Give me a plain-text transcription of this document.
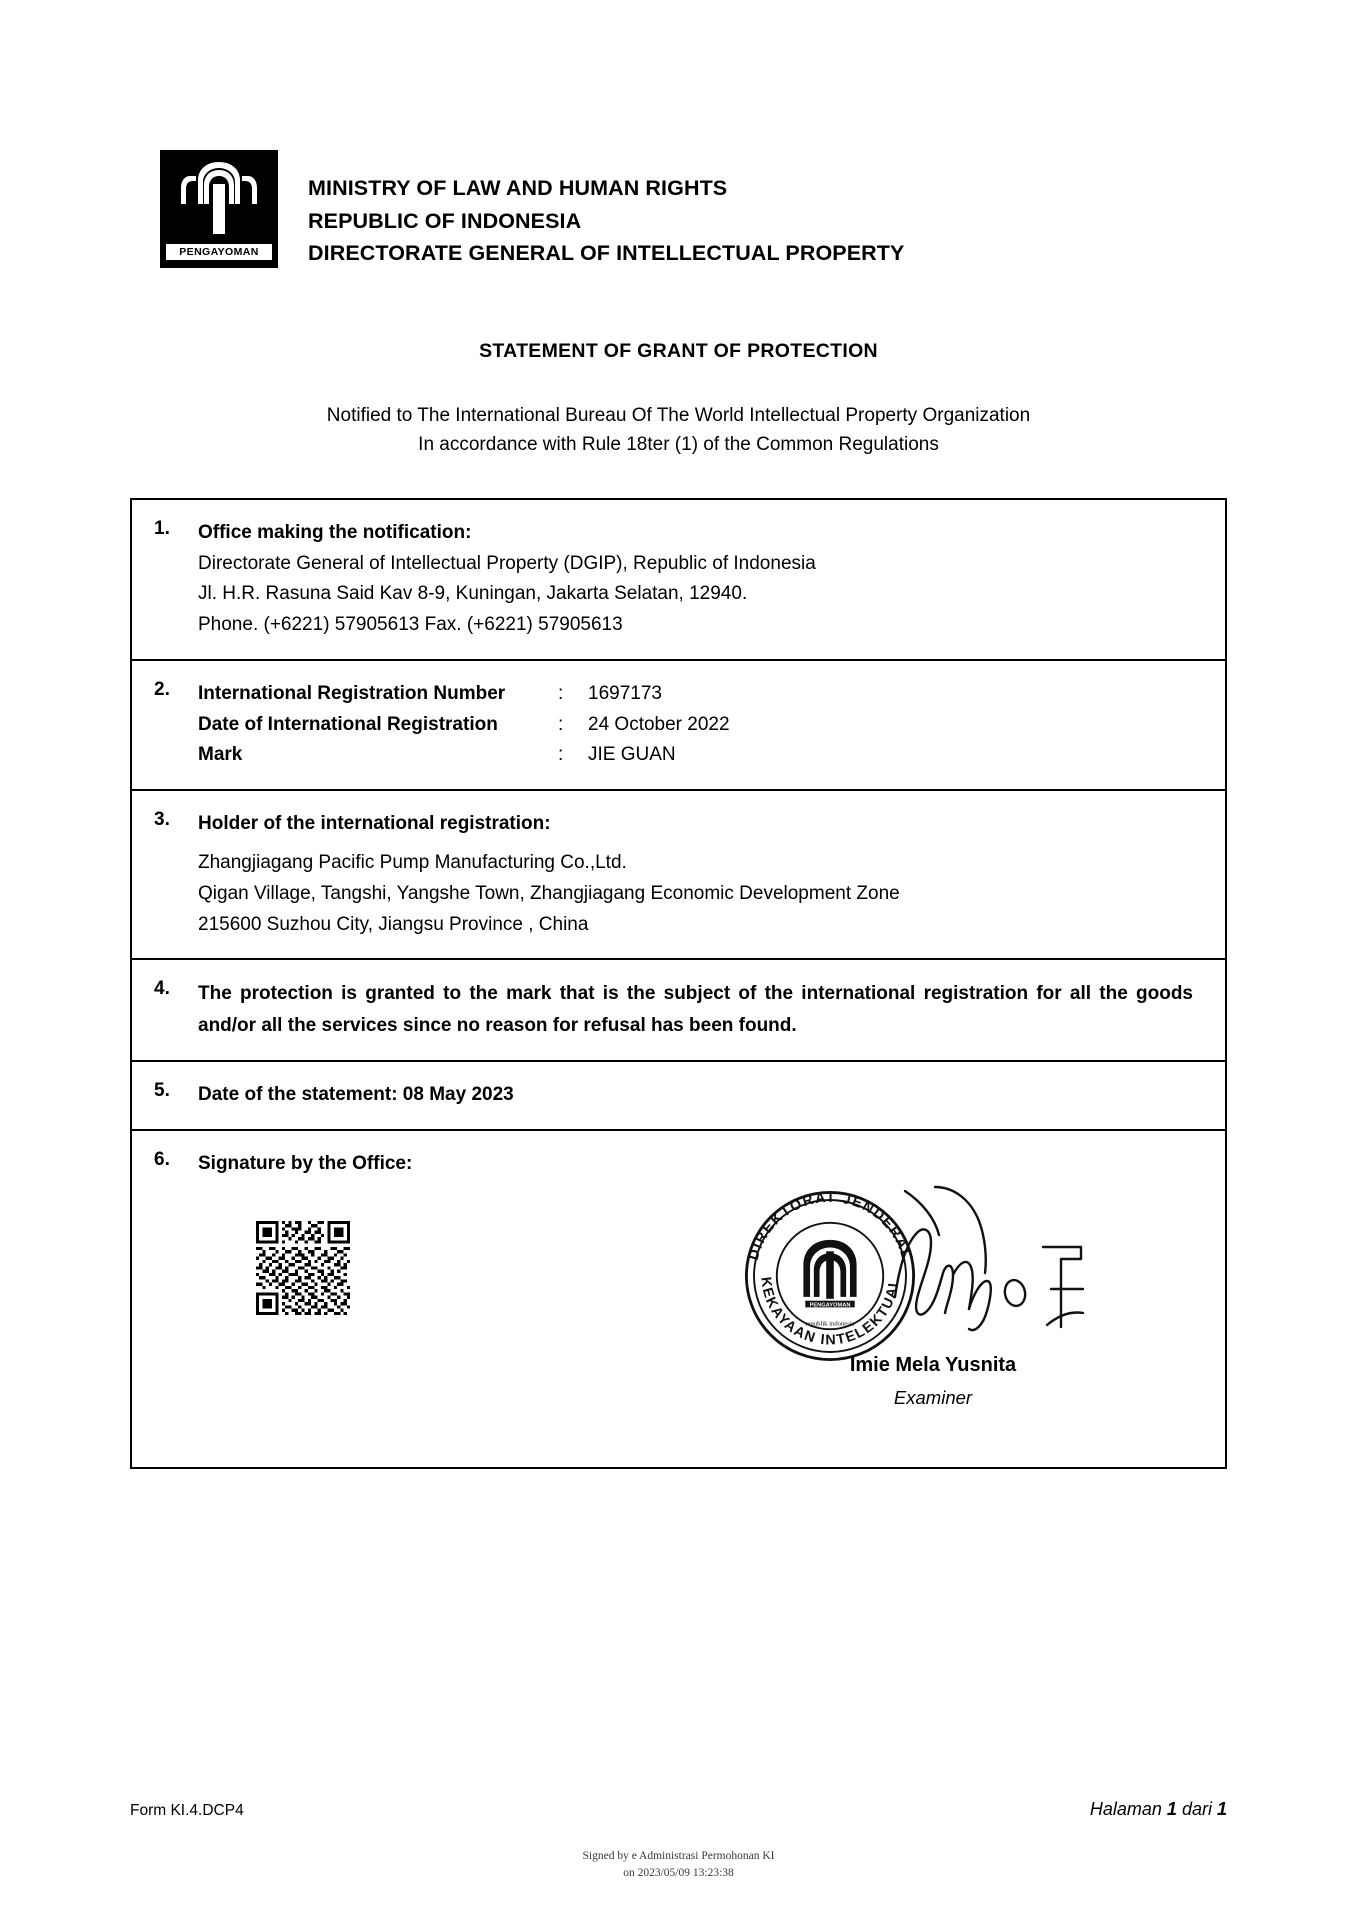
PENGAYOMAN
MINISTRY OF LAW AND HUMAN RIGHTS
REPUBLIC OF INDONESIA
DIRECTORATE GENERAL OF INTELLECTUAL PROPERTY
STATEMENT OF GRANT OF PROTECTION
Notified to The International Bureau Of The World Intellectual Property Organization
In accordance with Rule 18ter (1) of the Common Regulations
1.	Office making the notification:
Directorate General of Intellectual Property (DGIP), Republic of Indonesia
Jl. H.R. Rasuna Said Kav 8-9, Kuningan, Jakarta Selatan, 12940.
Phone. (+6221) 57905613 Fax. (+6221) 57905613
2.	International Registration Number	:	1697173
Date of International Registration	:	24 October 2022
Mark	:	JIE GUAN
3.	Holder of the international registration:
Zhangjiagang Pacific Pump Manufacturing Co.,Ltd.
Qigan Village, Tangshi, Yangshe Town, Zhangjiagang Economic Development Zone
215600 Suzhou City, Jiangsu Province , China
4.	The protection is granted to the mark that is the subject of the international registration for all the goods and/or all the services since no reason for refusal has been found.
5.	Date of the statement: 08 May 2023
6.	Signature by the Office:
DIREKTORAT JENDERAL
KEKAYAAN INTELEKTUAL
PENGAYOMAN
republik indonesia
Imie Mela Yusnita
Examiner
Form KI.4.DCP4	Halaman 1 dari 1
Signed by e Administrasi Permohonan KI
on 2023/05/09 13:23:38
